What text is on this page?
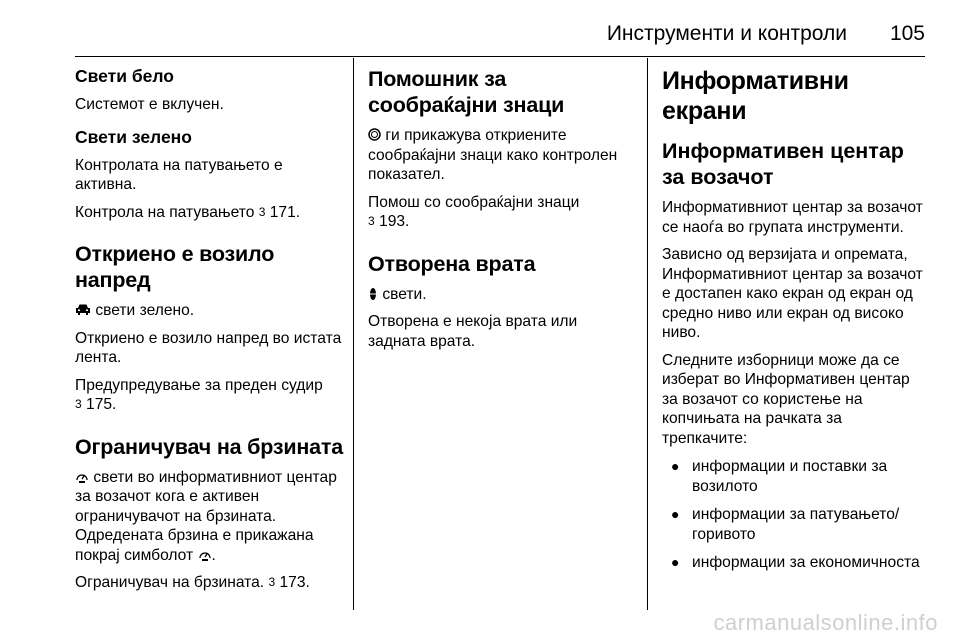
Инструменти и контроли 105
Свети бело

Системот е вклучен.

Свети зелено

Контролата на патувањето е активна.

Контрола на патувањето 3 171.

Откриено е возило напред

свети зелено.

Откриено е возило напред во истата лента.

Предупредување за преден судир
3 175.

Ограничувач на брзината

свети во информативниот центар за возачот кога е активен ограничувачот на брзината. Одредената брзина е прикажана покрај симболот .

Ограничувач на брзината. 3 173.

Помошник за сообраќајни знаци

ги прикажува откриените сообраќајни знаци како контролен показател.

Помош со сообраќајни знаци
3 193.

Отворена врата

свети.

Отворена е некоја врата или задната врата.

Информативни екрани
Информативен центар за возачот

Информативниот центар за возачот се наоѓа во групата инструменти.

Зависно од верзијата и опремата, Информативниот центар за возачот е достапен како екран од екран од средно ниво или екран од високо ниво.

Следните изборници може да се изберат во Информативен центар за возачот со користење на копчињата на рачката за трепкачите:

● информации и поставки за возилото
● информации за патувањето/ горивото
● информации за економичноста
carmanualsonline.info
